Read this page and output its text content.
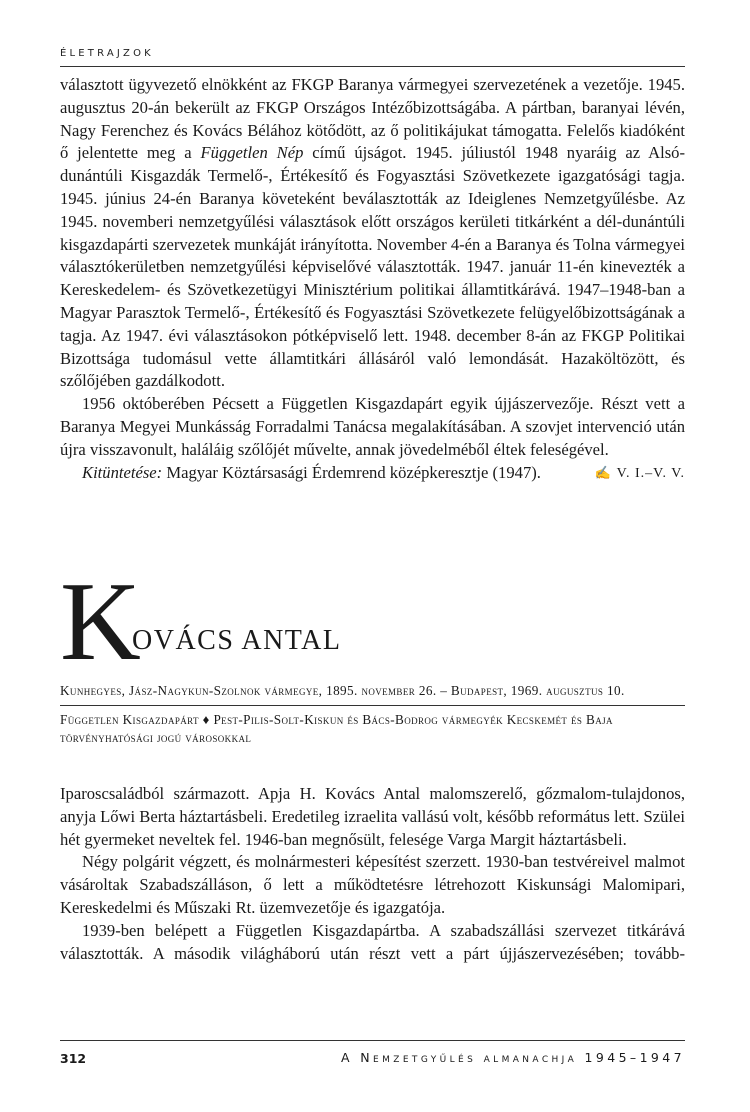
ÉLETRAJZOK

választott ügyvezető elnökként az FKGP Baranya vármegyei szervezetének a vezetője. 1945. augusztus 20-án bekerült az FKGP Országos Intézőbizottságába. A pártban, baranyai lévén, Nagy Ferenchez és Kovács Bélához kötődött, az ő politikájukat támogatta. Felelős kiadóként ő jelentette meg a Független Nép című újságot. 1945. júliustól 1948 nyaráig az Alsó-dunántúli Kisgazdák Termelő-, Értékesítő és Fogyasztási Szövetkezete igazgatósági tagja. 1945. június 24-én Baranya követeként beválasztották az Ideiglenes Nemzetgyűlésbe. Az 1945. novemberi nemzetgyűlési választások előtt országos kerületi titkárként a dél-dunántúli kisgazdapárti szervezetek munkáját irányította. November 4-én a Baranya és Tolna vármegyei választókerületben nemzetgyűlési képviselővé választották. 1947. január 11-én kinevezték a Kereskedelem- és Szövetkezetügyi Minisztérium politikai államtitkárává. 1947–1948-ban a Magyar Parasztok Termelő-, Értékesítő és Fogyasztási Szövetkezete felügyelőbizottságának a tagja. Az 1947. évi választásokon pótképviselő lett. 1948. december 8-án az FKGP Politikai Bizottsága tudomásul vette államtitkári állásáról való lemondását. Hazaköltözött, és szőlőjében gazdálkodott.

1956 októberében Pécsett a Független Kisgazdapárt egyik újjászervezője. Részt vett a Baranya Megyei Munkásság Forradalmi Tanácsa megalakításában. A szovjet intervenció után újra visszavonult, haláláig szőlőjét művelte, annak jövedelméből éltek feleségével.

Kitüntetése: Magyar Köztársasági Érdemrend középkeresztje (1947).	✍ V. I.–V. V.

K
OVÁCS ANTAL
Kunhegyes, Jász-Nagykun-Szolnok vármegye, 1895. november 26. – Budapest, 1969. augusztus 10.
Független Kisgazdapárt ♦ Pest-Pilis-Solt-Kiskun és Bács-Bodrog vármegyék Kecskemét és Baja törvényhatósági jogú városokkal

Iparoscsaládból származott. Apja H. Kovács Antal malomszerelő, gőzmalom-tulajdonos, anyja Lőwi Berta háztartásbeli. Eredetileg izraelita vallású volt, később református lett. Szülei hét gyermeket neveltek fel. 1946-ban megnősült, felesége Varga Margit háztartásbeli.

Négy polgárit végzett, és molnármesteri képesítést szerzett. 1930-ban testvéreivel malmot vásároltak Szabadszálláson, ő lett a működtetésre létrehozott Kiskunsági Malomipari, Kereskedelmi és Műszaki Rt. üzemvezetője és igazgatója.

1939-ben belépett a Független Kisgazdapártba. A szabadszállási szervezet titkárává választották. A második világháború után részt vett a párt újjászervezésében; tovább-

312	A Nemzetgyűlés almanachja 1945–1947
